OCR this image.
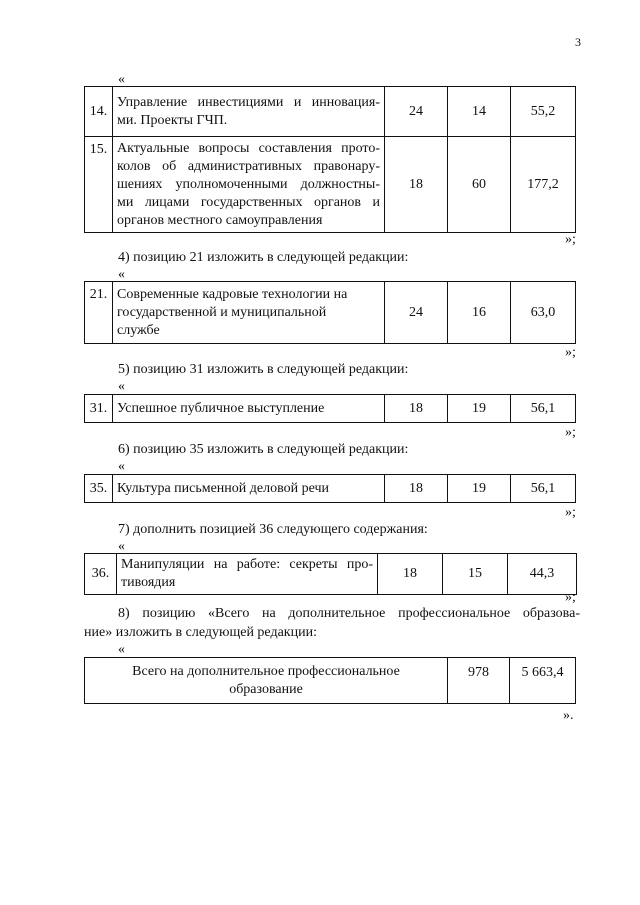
3
«
14.	Управление инвестициями и инновация-
ми. Проекты ГЧП.	24	14	55,2
15.	Актуальные вопросы составления прото-
колов об административных правонару-
шениях уполномоченными должностны-
ми лицами государственных органов и
органов местного самоуправления	18	60	177,2
»;
4) позицию 21 изложить в следующей редакции:
«
21.	Современные кадровые технологии на
государственной и муниципальной
службе
	24	16	63,0
»;
5) позицию 31 изложить в следующей редакции:
«
31.	Успешное публичное выступление	18	19	56,1
»;
6) позицию 35 изложить в следующей редакции:
«
35.	Культура письменной деловой речи	18	19	56,1
»;
7) дополнить позицией 36 следующего содержания:
«
36.	
Манипуляции на работе: секреты про-
тивоядия
	18	15	44,3
»;
8) позицию «Всего на дополнительное профессиональное образова-
ние» изложить в следующей редакции:
«
Всего на дополнительное профессиональное
образование
	978	5 663,4
».
